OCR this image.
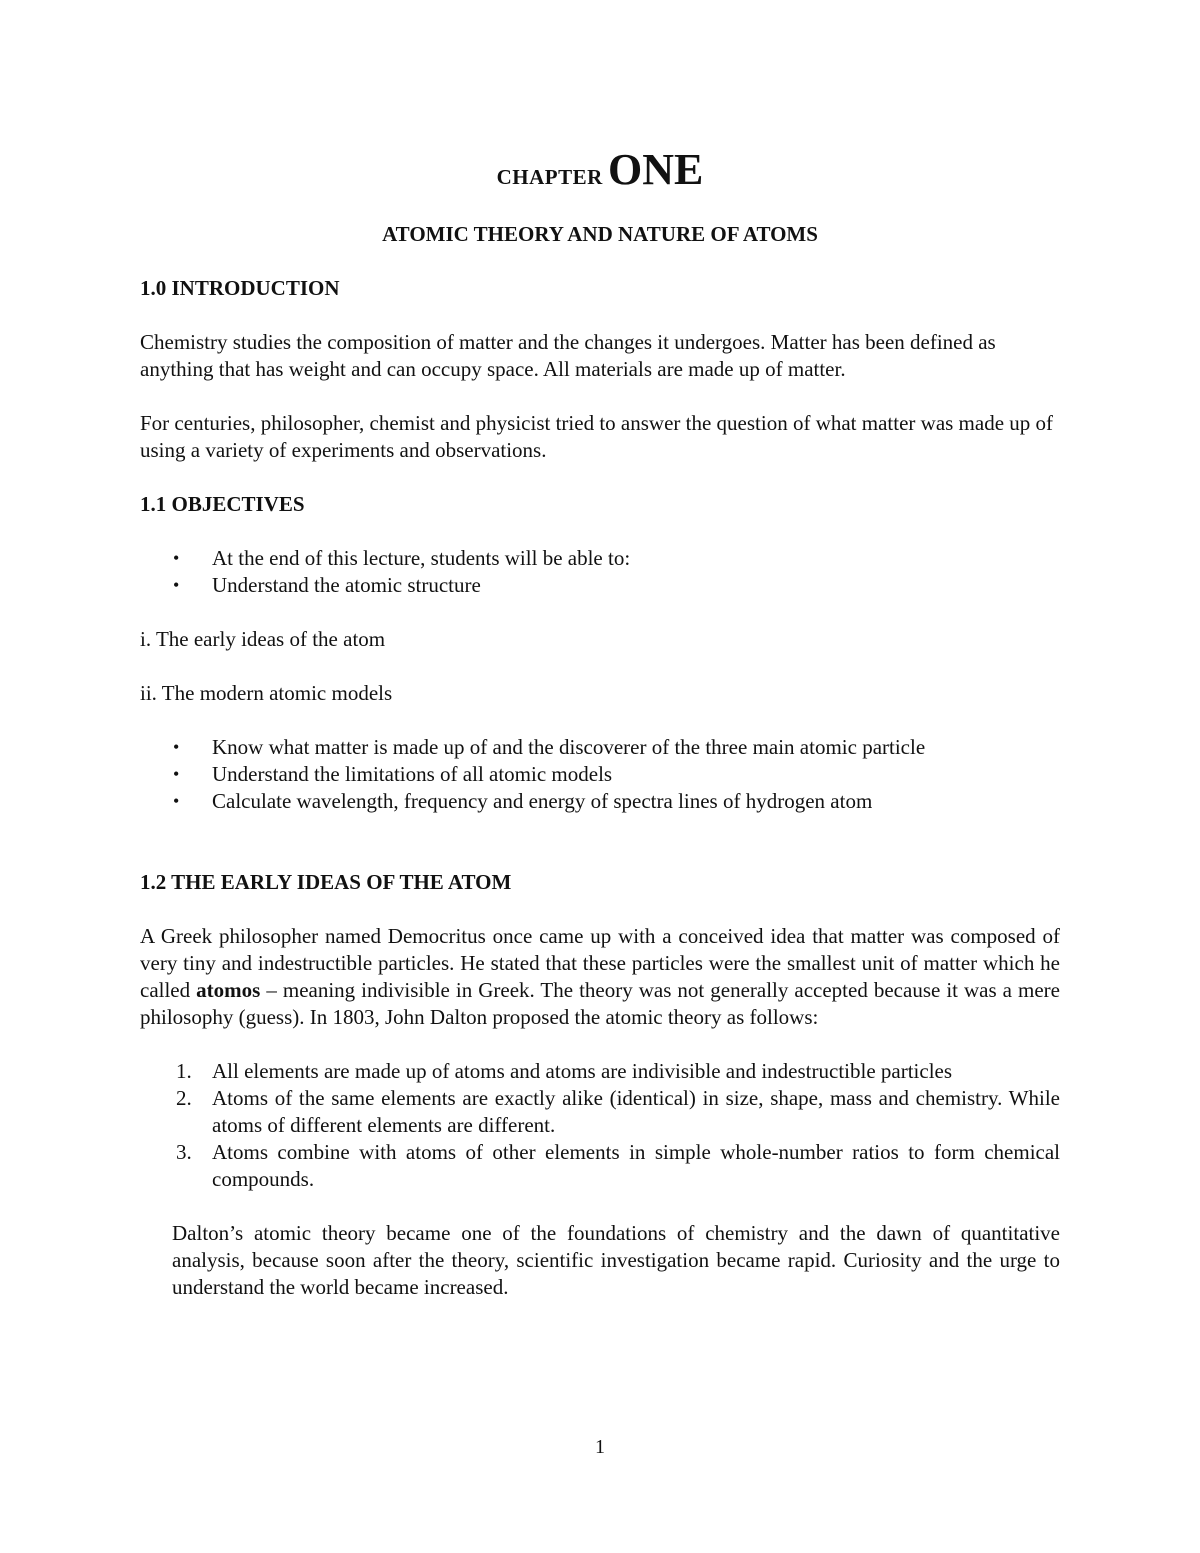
CHAPTER ONE
ATOMIC THEORY AND NATURE OF ATOMS
1.0 INTRODUCTION

Chemistry studies the composition of matter and the changes it undergoes. Matter has been defined as anything that has weight and can occupy space. All materials are made up of matter.

For centuries, philosopher, chemist and physicist tried to answer the question of what matter was made up of using a variety of experiments and observations.

1.1 OBJECTIVES
• At the end of this lecture, students will be able to:
• Understand the atomic structure

i. The early ideas of the atom

ii. The modern atomic models

• Know what matter is made up of and the discoverer of the three main atomic particle
• Understand the limitations of all atomic models
• Calculate wavelength, frequency and energy of spectra lines of hydrogen atom
1.2 THE EARLY IDEAS OF THE ATOM

A Greek philosopher named Democritus once came up with a conceived idea that matter was composed of very tiny and indestructible particles. He stated that these particles were the smallest unit of matter which he called atomos – meaning indivisible in Greek. The theory was not generally accepted because it was a mere philosophy (guess). In 1803, John Dalton proposed the atomic theory as follows:

1. All elements are made up of atoms and atoms are indivisible and indestructible particles
2. Atoms of the same elements are exactly alike (identical) in size, shape, mass and chemistry. While atoms of different elements are different.
3. Atoms combine with atoms of other elements in simple whole-number ratios to form chemical compounds.

Dalton’s atomic theory became one of the foundations of chemistry and the dawn of quantitative analysis, because soon after the theory, scientific investigation became rapid. Curiosity and the urge to understand the world became increased.

1
